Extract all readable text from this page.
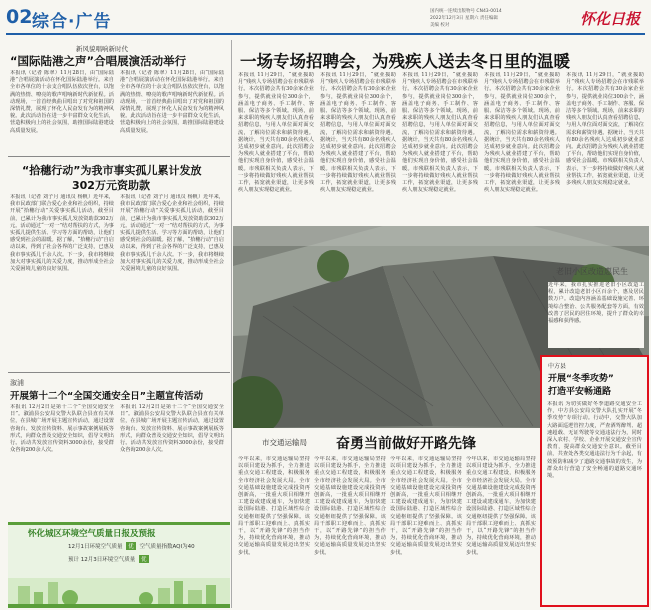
02 综合·广告
国内统一连续出版物号 CN43-0014
2022年12月3日 星期六 责任编辑
美编 校对	怀化日报
新风貌唱响新时代
“国际陆港之声”合唱展演活动举行
本报讯（记者 陈翠）11月28日，由“国际陆港”合唱展演活动在怀化国际陆港举行。来自全市各单位的十余支合唱队伍依次登台，以饱满的热情、嘹亮的歌声唱响新时代新征程。活动现场，一首首经典曲目唱出了对党和祖国的深情礼赞，展现了怀化人民奋发有为的精神风貌。此次活动旨在进一步丰富群众文化生活，营造积极向上的社会氛围，助推国际陆港建设高质量发展。
本报讯（记者 陈翠）11月28日，由“国际陆港”合唱展演活动在怀化国际陆港举行。来自全市各单位的十余支合唱队伍依次登台，以饱满的热情、嘹亮的歌声唱响新时代新征程。活动现场，一首首经典曲目唱出了对党和祖国的深情礼赞，展现了怀化人民奋发有为的精神风貌。此次活动旨在进一步丰富群众文化生活，营造积极向上的社会氛围，助推国际陆港建设高质量发展。
“拾穗行动”为我市事实孤儿累计发放
302万元资助款
本报讯（记者 刘子月 通讯员 杨帆）近年来，我市民政部门联合爱心企业和社会组织，持续开展“拾穗行动”关爱事实孤儿活动，截至目前，已累计为我市事实孤儿发放资助款302万元。活动通过“一对一”结对帮扶的方式，为事实孤儿提供生活、学习等方面的帮助，让他们感受到社会的温暖。据了解，“拾穗行动”自启动以来，得到了社会各界的广泛支持，已惠及我市事实孤儿千余人次。下一步，我市将继续加大对事实孤儿的关爱力度，推动形成全社会关爱困境儿童的良好氛围。
本报讯（记者 刘子月 通讯员 杨帆）近年来，我市民政部门联合爱心企业和社会组织，持续开展“拾穗行动”关爱事实孤儿活动，截至目前，已累计为我市事实孤儿发放资助款302万元。活动通过“一对一”结对帮扶的方式，为事实孤儿提供生活、学习等方面的帮助，让他们感受到社会的温暖。据了解，“拾穗行动”自启动以来，得到了社会各界的广泛支持，已惠及我市事实孤儿千余人次。下一步，我市将继续加大对事实孤儿的关爱力度，推动形成全社会关爱困境儿童的良好氛围。
溆浦
开展第十二个“全国交通安全日”主题宣传活动
本报讯 12月2日是第十二个“全国交通安全日”。溆浦县公安局交警大队联合县直有关单位，在县城广场开展主题宣传活动，通过设置咨询台、发放宣传资料、展示事故案例展板等形式，向群众普及交通安全知识，倡导文明出行。活动共发放宣传资料3000余份，接受群众咨询200余人次。
本报讯 12月2日是第十二个“全国交通安全日”。溆浦县公安局交警大队联合县直有关单位，在县城广场开展主题宣传活动，通过设置咨询台、发放宣传资料、展示事故案例展板等形式，向群众普及交通安全知识，倡导文明出行。活动共发放宣传资料3000余份，接受群众咨询200余人次。
怀化城区环境空气质量日报及预报
12月1日环境空气质量 优 空气质量指数AQI为40
预计 12月3日环境空气质量 优
一场专场招聘会，为残疾人送去冬日里的温暖
本报讯 11月29日，“就业援助月”残疾人专场招聘会在市残联举行。本次招聘会共有30余家企业参与，提供就业岗位300余个，涵盖电子商务、手工制作、客服、保洁等多个领域。现场，前来求职的残疾人朋友们认真查看招聘信息，与用人单位面对面交流，了解岗位需求和薪资待遇。据统计，当天共有80余名残疾人达成初步就业意向。此次招聘会为残疾人就业搭建了平台，帮助他们实现自身价值，感受社会温暖。市残联相关负责人表示，下一步将持续做好残疾人就业帮扶工作，拓宽就业渠道，让更多残疾人朋友实现稳定就业。
本报讯 11月29日，“就业援助月”残疾人专场招聘会在市残联举行。本次招聘会共有30余家企业参与，提供就业岗位300余个，涵盖电子商务、手工制作、客服、保洁等多个领域。现场，前来求职的残疾人朋友们认真查看招聘信息，与用人单位面对面交流，了解岗位需求和薪资待遇。据统计，当天共有80余名残疾人达成初步就业意向。此次招聘会为残疾人就业搭建了平台，帮助他们实现自身价值，感受社会温暖。市残联相关负责人表示，下一步将持续做好残疾人就业帮扶工作，拓宽就业渠道，让更多残疾人朋友实现稳定就业。
本报讯 11月29日，“就业援助月”残疾人专场招聘会在市残联举行。本次招聘会共有30余家企业参与，提供就业岗位300余个，涵盖电子商务、手工制作、客服、保洁等多个领域。现场，前来求职的残疾人朋友们认真查看招聘信息，与用人单位面对面交流，了解岗位需求和薪资待遇。据统计，当天共有80余名残疾人达成初步就业意向。此次招聘会为残疾人就业搭建了平台，帮助他们实现自身价值，感受社会温暖。市残联相关负责人表示，下一步将持续做好残疾人就业帮扶工作，拓宽就业渠道，让更多残疾人朋友实现稳定就业。
本报讯 11月29日，“就业援助月”残疾人专场招聘会在市残联举行。本次招聘会共有30余家企业参与，提供就业岗位300余个，涵盖电子商务、手工制作、客服、保洁等多个领域。现场，前来求职的残疾人朋友们认真查看招聘信息，与用人单位面对面交流，了解岗位需求和薪资待遇。据统计，当天共有80余名残疾人达成初步就业意向。此次招聘会为残疾人就业搭建了平台，帮助他们实现自身价值，感受社会温暖。市残联相关负责人表示，下一步将持续做好残疾人就业帮扶工作，拓宽就业渠道，让更多残疾人朋友实现稳定就业。
本报讯 11月29日，“就业援助月”残疾人专场招聘会在市残联举行。本次招聘会共有30余家企业参与，提供就业岗位300余个，涵盖电子商务、手工制作、客服、保洁等多个领域。现场，前来求职的残疾人朋友们认真查看招聘信息，与用人单位面对面交流，了解岗位需求和薪资待遇。据统计，当天共有80余名残疾人达成初步就业意向。此次招聘会为残疾人就业搭建了平台，帮助他们实现自身价值，感受社会温暖。市残联相关负责人表示，下一步将持续做好残疾人就业帮扶工作，拓宽就业渠道，让更多残疾人朋友实现稳定就业。
老旧小区改造惠民生
近年来，我市扎实推进老旧小区改造工程，累计改造老旧小区百余个，惠及居民数万户。改造内容涵盖基础设施完善、环境综合整治、公共服务配套等方面，有效改善了居民的居住环境，提升了群众的幸福感和获得感。
市交通运输局 奋勇当前做好开路先锋
今年以来，市交通运输局坚持以项目建设为抓手，全力推进重点交通工程建设，积极服务全市经济社会发展大局。全市交通基础设施建设完成投资再创新高，一批重大项目相继开工建设或建成通车，为加快建设国际陆港、打造区域性综合交通枢纽提供了坚强保障。该局干部职工迎难而上、真抓实干，以“开路先锋”的担当作为，持续优化营商环境，推动交通运输高质量发展迈出坚实步伐。
今年以来，市交通运输局坚持以项目建设为抓手，全力推进重点交通工程建设，积极服务全市经济社会发展大局。全市交通基础设施建设完成投资再创新高，一批重大项目相继开工建设或建成通车，为加快建设国际陆港、打造区域性综合交通枢纽提供了坚强保障。该局干部职工迎难而上、真抓实干，以“开路先锋”的担当作为，持续优化营商环境，推动交通运输高质量发展迈出坚实步伐。
今年以来，市交通运输局坚持以项目建设为抓手，全力推进重点交通工程建设，积极服务全市经济社会发展大局。全市交通基础设施建设完成投资再创新高，一批重大项目相继开工建设或建成通车，为加快建设国际陆港、打造区域性综合交通枢纽提供了坚强保障。该局干部职工迎难而上、真抓实干，以“开路先锋”的担当作为，持续优化营商环境，推动交通运输高质量发展迈出坚实步伐。
今年以来，市交通运输局坚持以项目建设为抓手，全力推进重点交通工程建设，积极服务全市经济社会发展大局。全市交通基础设施建设完成投资再创新高，一批重大项目相继开工建设或建成通车，为加快建设国际陆港、打造区域性综合交通枢纽提供了坚强保障。该局干部职工迎难而上、真抓实干，以“开路先锋”的担当作为，持续优化营商环境，推动交通运输高质量发展迈出坚实步伐。
中方县
开展“冬季攻势”
打造平安畅通路
本报讯 为切实做好冬季道路交通安全工作，中方县公安局交警大队扎实开展“冬季攻势”专项行动。行动中，交警大队加大路面巡逻管控力度，严查酒驾醉驾、超速超载、无证驾驶等交通违法行为，同时深入农村、学校、企业开展交通安全宣传教育，提高群众交通安全意识。截至目前，共查处各类交通违法行为千余起，有效预防和减少了道路交通事故的发生，为群众出行营造了安全畅通的道路交通环境。
